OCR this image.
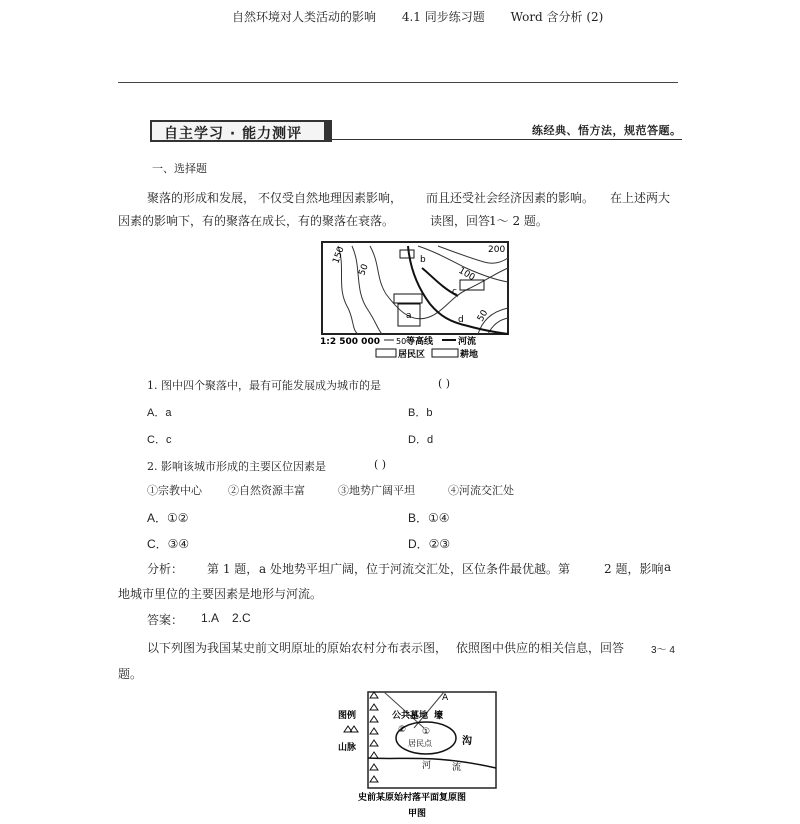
自然环境对人类活动的影响 4.1 同步练习题 Word 含分析 (2)
自主学习 · 能力测评	练经典、悟方法，规范答题。
一、选择题
聚落的形成和发展， 不仅受自然地理因素影响， 而且还受社会经济因素的影响。 在上述两大
因素的影响下，有的聚落在成长，有的聚落在衰落。	读图，回答
1～ 2 题。
150
50	100
200
50
b
a
c
d
1:2 500 000 50 等高线	河流
居民区	耕地
1. 图中四个聚落中，最有可能发展成为城市的是	( )
A．a	B．b
C．c	D．d
2. 影响该城市形成的主要区位因素是	( )
①宗教中心 ②自然资源丰富	③地势广阔平坦	④河流交汇处
A．①②	B．①④
C．③④	D．②③
分析： 第 1 题， a 处地势平坦广阔，位于河流交汇处，区位条件最优越。第	2 题，影响 a
地城市里位的主要因素是地形与河流。
答案： 1.A 2.C
以下列图为我国某史前文明原址的原始农村分布表示图， 依照图中供应的相关信息，回答	3～ 4
题。
图例
山脉
A
公共墓地 壕
② ①
居民点	沟
河 流
史前某原始村落平面复原图
甲图
